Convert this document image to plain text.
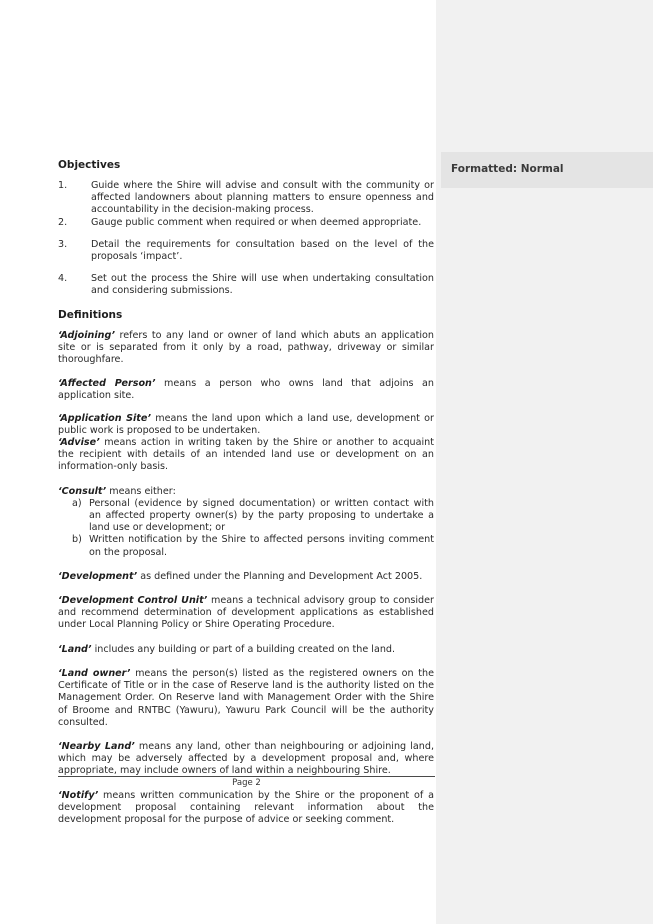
Formatted: Normal
Objectives
1.	Guide where the Shire will advise and consult with the community or affected landowners about planning matters to ensure openness and accountability in the decision-making process.
2.	Gauge public comment when required or when deemed appropriate.
3.	Detail the requirements for consultation based on the level of the proposals ‘impact’.
4.	Set out the process the Shire will use when undertaking consultation and considering submissions.
Definitions

‘Adjoining’ refers to any land or owner of land which abuts an application site or is separated from it only by a road, pathway, driveway or similar thoroughfare.

‘Affected Person’ means a person who owns land that adjoins an application site.

‘Application Site’ means the land upon which a land use, development or public work is proposed to be undertaken.

‘Advise’ means action in writing taken by the Shire or another to acquaint the recipient with details of an intended land use or development on an information-only basis.

‘Consult’ means either:

a) Personal (evidence by signed documentation) or written contact with an affected property owner(s) by the party proposing to undertake a land use or development; or
b) Written notification by the Shire to affected persons inviting comment on the proposal.

‘Development’ as defined under the Planning and Development Act 2005.

‘Development Control Unit’ means a technical advisory group to consider and recommend determination of development applications as established under Local Planning Policy or Shire Operating Procedure.

‘Land’ includes any building or part of a building created on the land.

‘Land owner’ means the person(s) listed as the registered owners on the Certificate of Title or in the case of Reserve land is the authority listed on the Management Order. On Reserve land with Management Order with the Shire of Broome and RNTBC (Yawuru), Yawuru Park Council will be the authority consulted.

‘Nearby Land’ means any land, other than neighbouring or adjoining land, which may be adversely affected by a development proposal and, where appropriate, may include owners of land within a neighbouring Shire.

‘Notify’ means written communication by the Shire or the proponent of a development proposal containing relevant information about the development proposal for the purpose of advice or seeking comment.

Page 2
